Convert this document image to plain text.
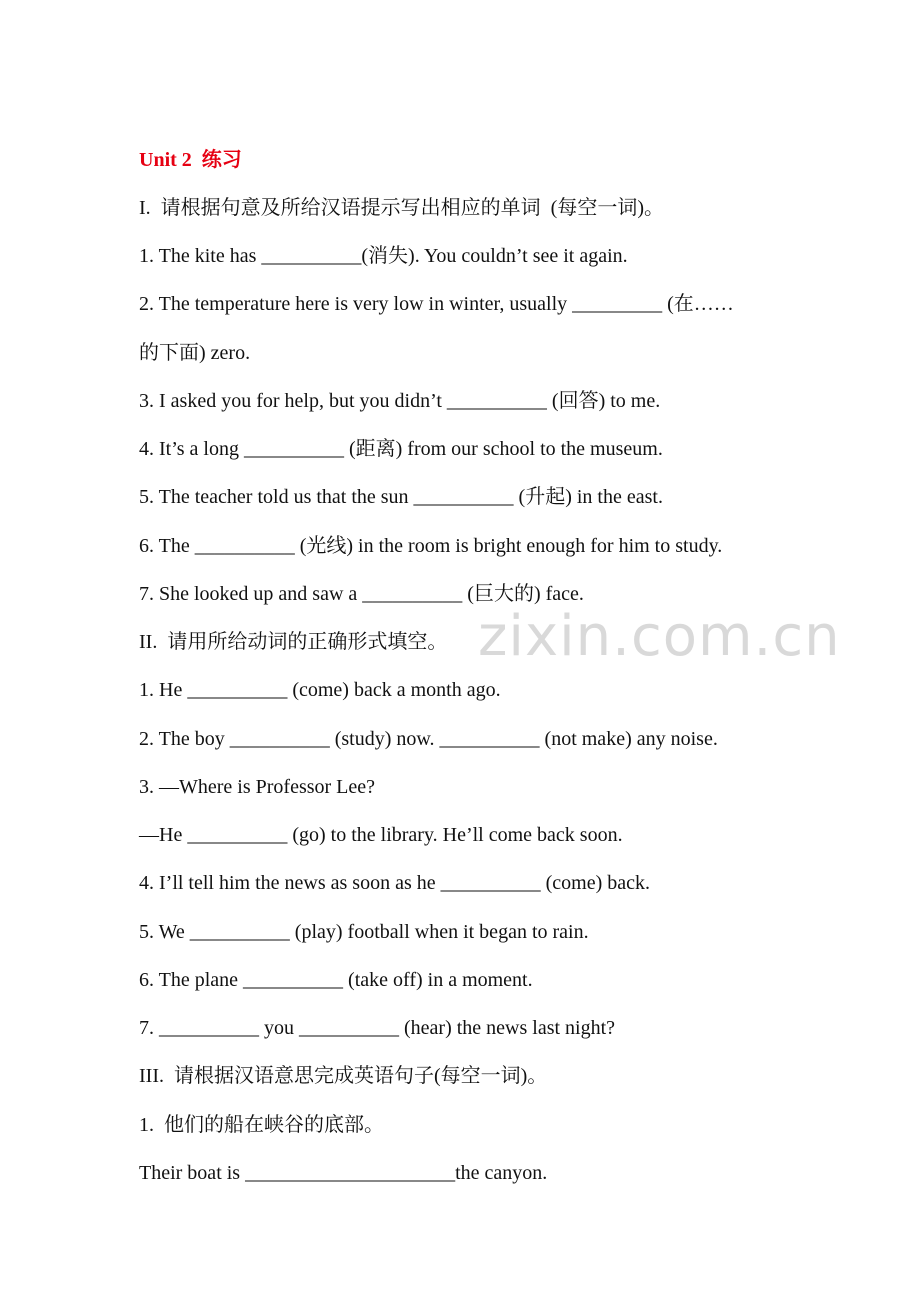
Unit 2  练习
I.  请根据句意及所给汉语提示写出相应的单词  (每空一词)。
1. The kite has __________(消失). You couldn’t see it again.
2. The temperature here is very low in winter, usually _________ (在……
的下面) zero.
3. I asked you for help, but you didn’t __________ (回答) to me.
4. It’s a long __________ (距离) from our school to the museum.
5. The teacher told us that the sun __________ (升起) in the east.
6. The __________ (光线) in the room is bright enough for him to study.
7. She looked up and saw a __________ (巨大的) face.
II.  请用所给动词的正确形式填空。
1. He __________ (come) back a month ago.
2. The boy __________ (study) now. __________ (not make) any noise.
3. —Where is Professor Lee?
—He __________ (go) to the library. He’ll come back soon.
4. I’ll tell him the news as soon as he __________ (come) back.
5. We __________ (play) football when it began to rain.
6. The plane __________ (take off) in a moment.
7. __________ you __________ (hear) the news last night?
III.  请根据汉语意思完成英语句子(每空一词)。
1.  他们的船在峡谷的底部。
Their boat is _____________________the canyon.
zixin.com.cn
